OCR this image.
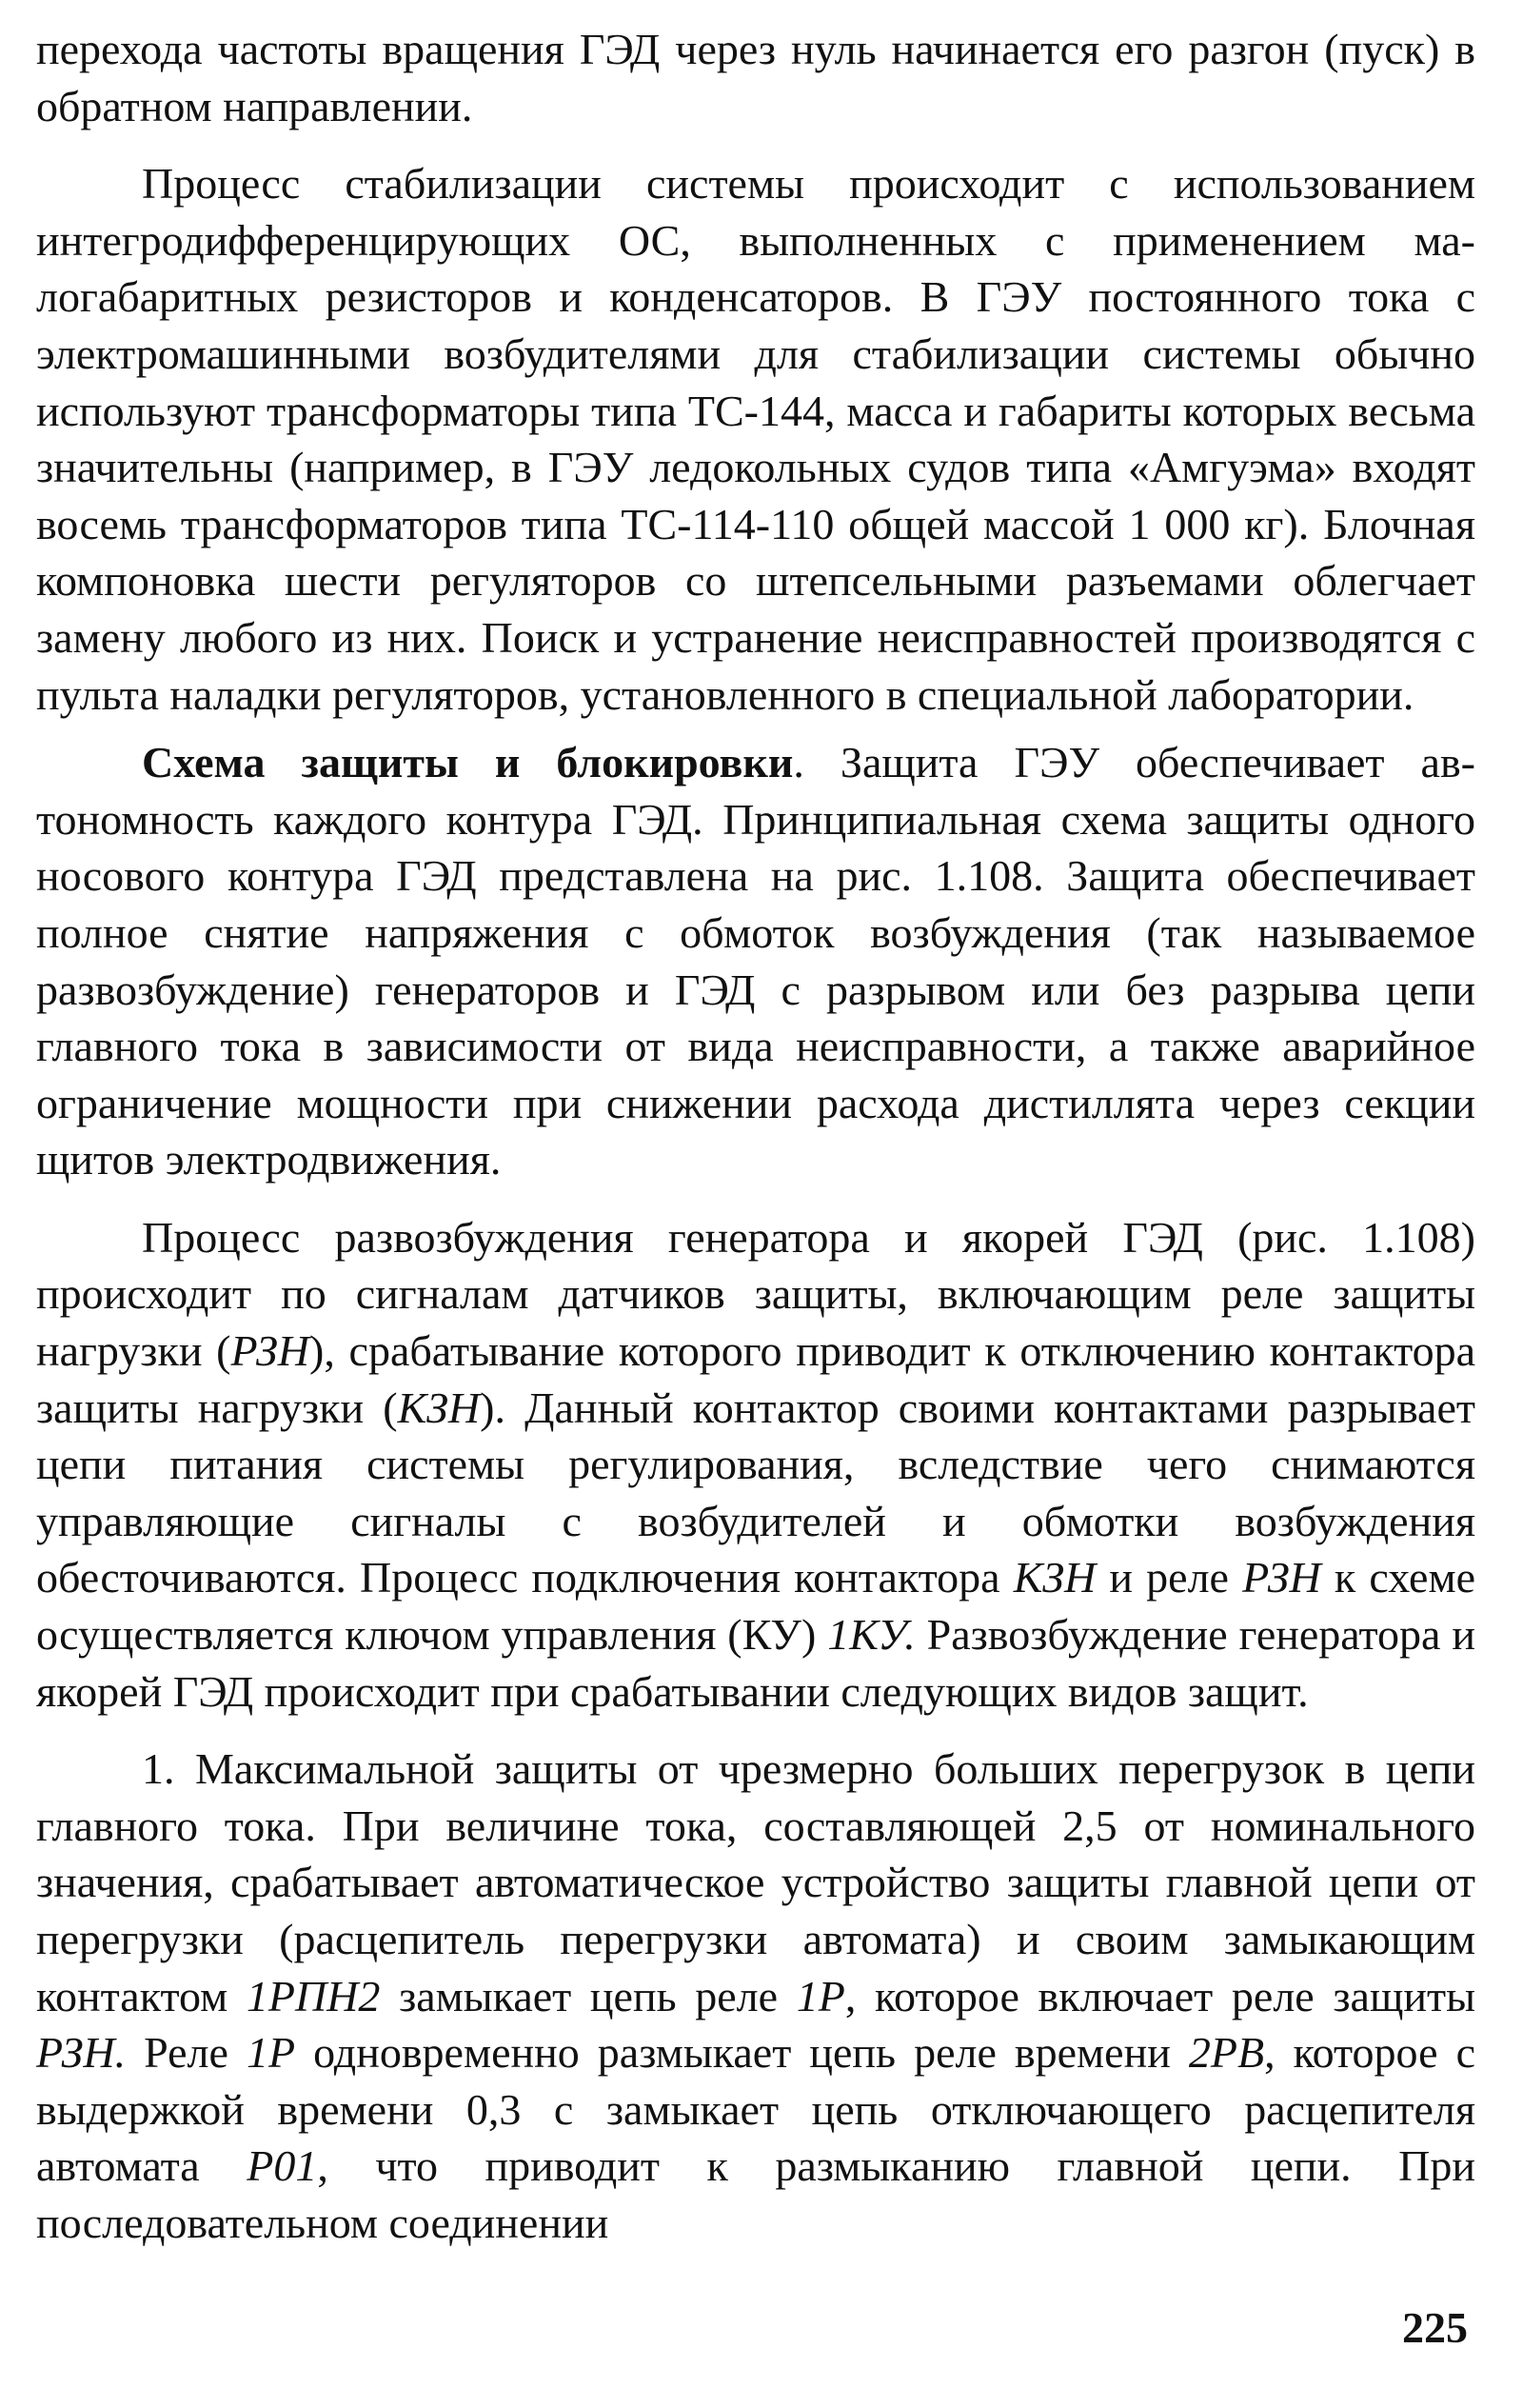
перехода частоты вращения ГЭД через нуль начинается его разгон (пуск) в обратном направлении.

Процесс стабилизации системы происходит с использованием интегродифференцирующих ОС, выполненных с применением малогабаритных резисторов и конденсаторов. В ГЭУ постоянного тока с электромашинными возбудителями для стабилизации системы обычно используют трансформаторы типа ТС-144, масса и габариты которых весьма значительны (например, в ГЭУ ледокольных судов типа «Амгуэма» входят восемь трансформаторов типа ТС-114-110 общей массой 1 000 кг). Блочная компоновка шести регуляторов со штепсельными разъемами облегчает замену любого из них. Поиск и устранение неисправностей производятся с пульта наладки регуляторов, установленного в специальной лаборатории.

Схема защиты и блокировки. Защита ГЭУ обеспечивает автономность каждого контура ГЭД. Принципиальная схема защиты одного носового контура ГЭД представлена на рис. 1.108. Защита обеспечивает полное снятие напряжения с обмоток возбуждения (так называемое развозбуждение) генераторов и ГЭД с разрывом или без разрыва цепи главного тока в зависимости от вида неисправности, а также аварийное ограничение мощности при снижении расхода дистиллята через секции щитов электродвижения.

Процесс развозбуждения генератора и якорей ГЭД (рис. 1.108) происходит по сигналам датчиков защиты, включающим реле защиты нагрузки (РЗН), срабатывание которого приводит к отключению контактора защиты нагрузки (КЗН). Данный контактор своими контактами разрывает цепи питания системы регулирования, вследствие чего снимаются управляющие сигналы с возбудителей и обмотки возбуждения обесточиваются. Процесс подключения контактора КЗН и реле РЗН к схеме осуществляется ключом управления (КУ) 1КУ. Развозбуждение генератора и якорей ГЭД происходит при срабатывании следующих видов защит.

1. Максимальной защиты от чрезмерно больших перегрузок в цепи главного тока. При величине тока, составляющей 2,5 от номинального значения, срабатывает автоматическое устройство защиты главной цепи от перегрузки (расцепитель перегрузки автомата) и своим замыкающим контактом 1РПН2 замыкает цепь реле 1Р, которое включает реле защиты РЗН. Реле 1Р одновременно размыкает цепь реле времени 2РВ, которое с выдержкой времени 0,3 с замыкает цепь отключающего расцепителя автомата Р01, что приводит к размыканию главной цепи. При последовательном соединении

225
